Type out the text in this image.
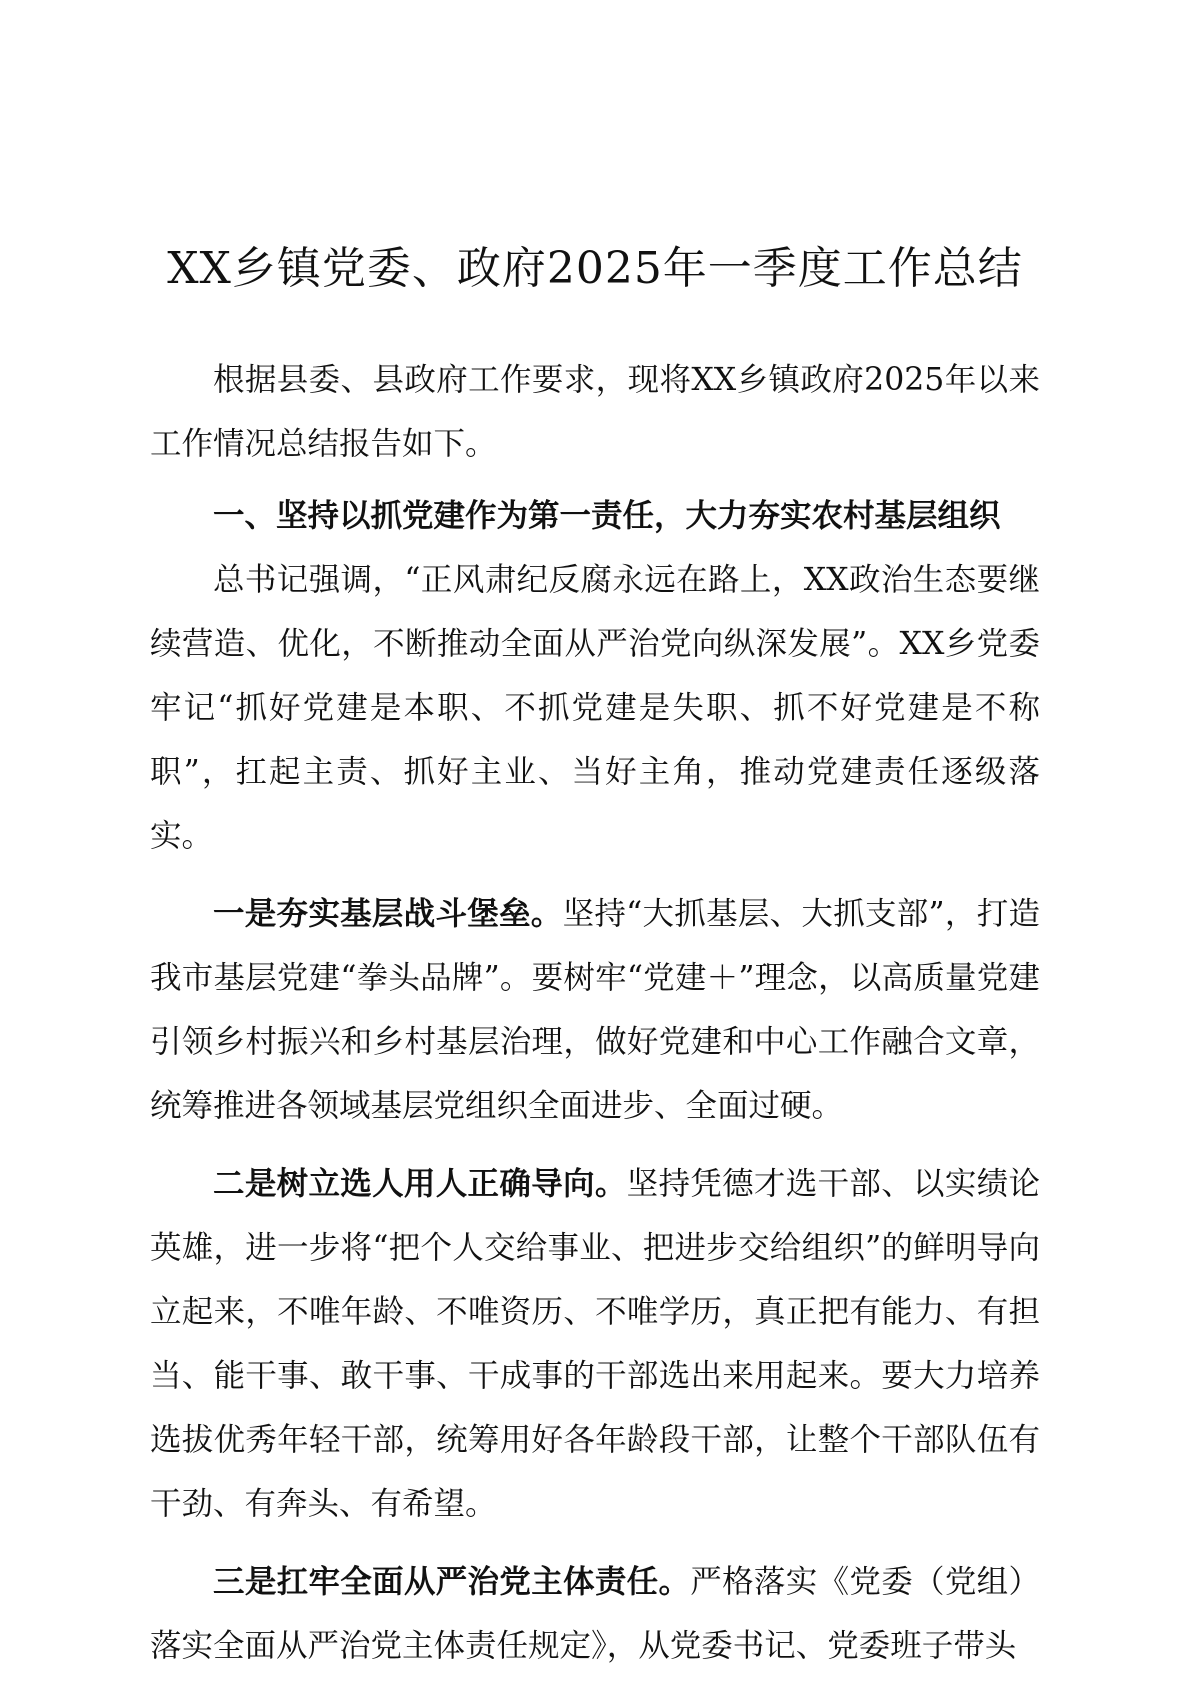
XX乡镇党委、政府2025年一季度工作总结

根据县委、县政府工作要求，现将XX乡镇政府2025年以来工作情况总结报告如下。

一、坚持以抓党建作为第一责任，大力夯实农村基层组织

总书记强调，“正风肃纪反腐永远在路上，XX政治生态要继续营造、优化，不断推动全面从严治党向纵深发展”。XX乡党委牢记“抓好党建是本职、不抓党建是失职、抓不好党建是不称职”，扛起主责、抓好主业、当好主角，推动党建责任逐级落实。

一是夯实基层战斗堡垒。坚持“大抓基层、大抓支部”，打造我市基层党建“拳头品牌”。要树牢“党建＋”理念，以高质量党建引领乡村振兴和乡村基层治理，做好党建和中心工作融合文章，统筹推进各领域基层党组织全面进步、全面过硬。

二是树立选人用人正确导向。坚持凭德才选干部、以实绩论英雄，进一步将“把个人交给事业、把进步交给组织”的鲜明导向立起来，不唯年龄、不唯资历、不唯学历，真正把有能力、有担当、能干事、敢干事、干成事的干部选出来用起来。要大力培养选拔优秀年轻干部，统筹用好各年龄段干部，让整个干部队伍有干劲、有奔头、有希望。

三是扛牢全面从严治党主体责任。严格落实《党委（党组）落实全面从严治党主体责任规定》，从党委书记、党委班子带头
